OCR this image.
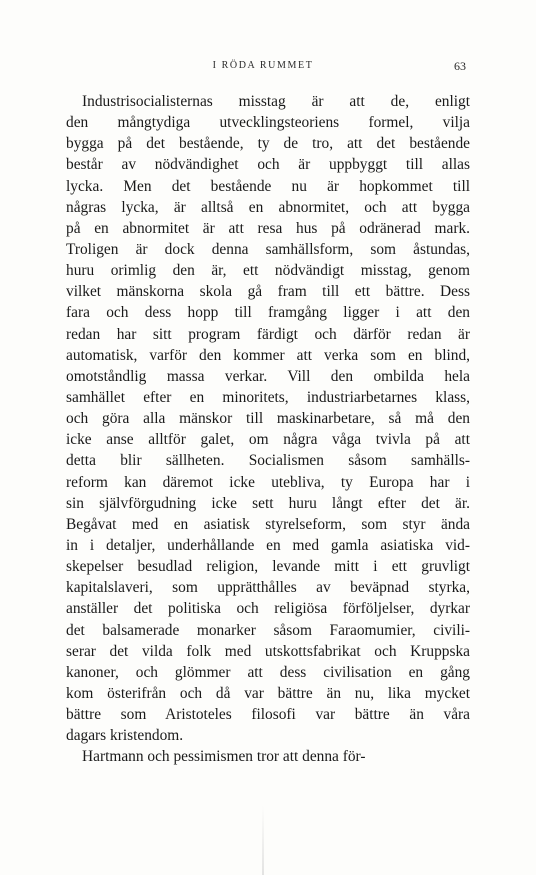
I RÖDA RUMMET	63
Industrisocialisternas misstag är att de, enligt
den mångtydiga utvecklingsteoriens formel, vilja
bygga på det bestående, ty de tro, att det bestående
består av nödvändighet och är uppbyggt till allas
lycka. Men det bestående nu är hopkommet till
någras lycka, är alltså en abnormitet, och att bygga
på en abnormitet är att resa hus på odränerad mark.
Troligen är dock denna samhällsform, som åstundas,
huru orimlig den är, ett nödvändigt misstag, genom
vilket mänskorna skola gå fram till ett bättre. Dess
fara och dess hopp till framgång ligger i att den
redan har sitt program färdigt och därför redan är
automatisk, varför den kommer att verka som en blind,
omotståndlig massa verkar. Vill den ombilda hela
samhället efter en minoritets, industriarbetarnes klass,
och göra alla mänskor till maskinarbetare, så må den
icke anse alltför galet, om några våga tvivla på att
detta blir sällheten. Socialismen såsom samhälls-
reform kan däremot icke utebliva, ty Europa har i
sin självförgudning icke sett huru långt efter det är.
Begåvat med en asiatisk styrelseform, som styr ända
in i detaljer, underhållande en med gamla asiatiska vid-
skepelser besudlad religion, levande mitt i ett gruvligt
kapitalslaveri, som upprätthålles av beväpnad styrka,
anställer det politiska och religiösa förföljelser, dyrkar
det balsamerade monarker såsom Faraomumier, civili-
serar det vilda folk med utskottsfabrikat och Kruppska
kanoner, och glömmer att dess civilisation en gång
kom österifrån och då var bättre än nu, lika mycket
bättre som Aristoteles filosofi var bättre än våra
dagars kristendom.
Hartmann och pessimismen tror att denna för-
